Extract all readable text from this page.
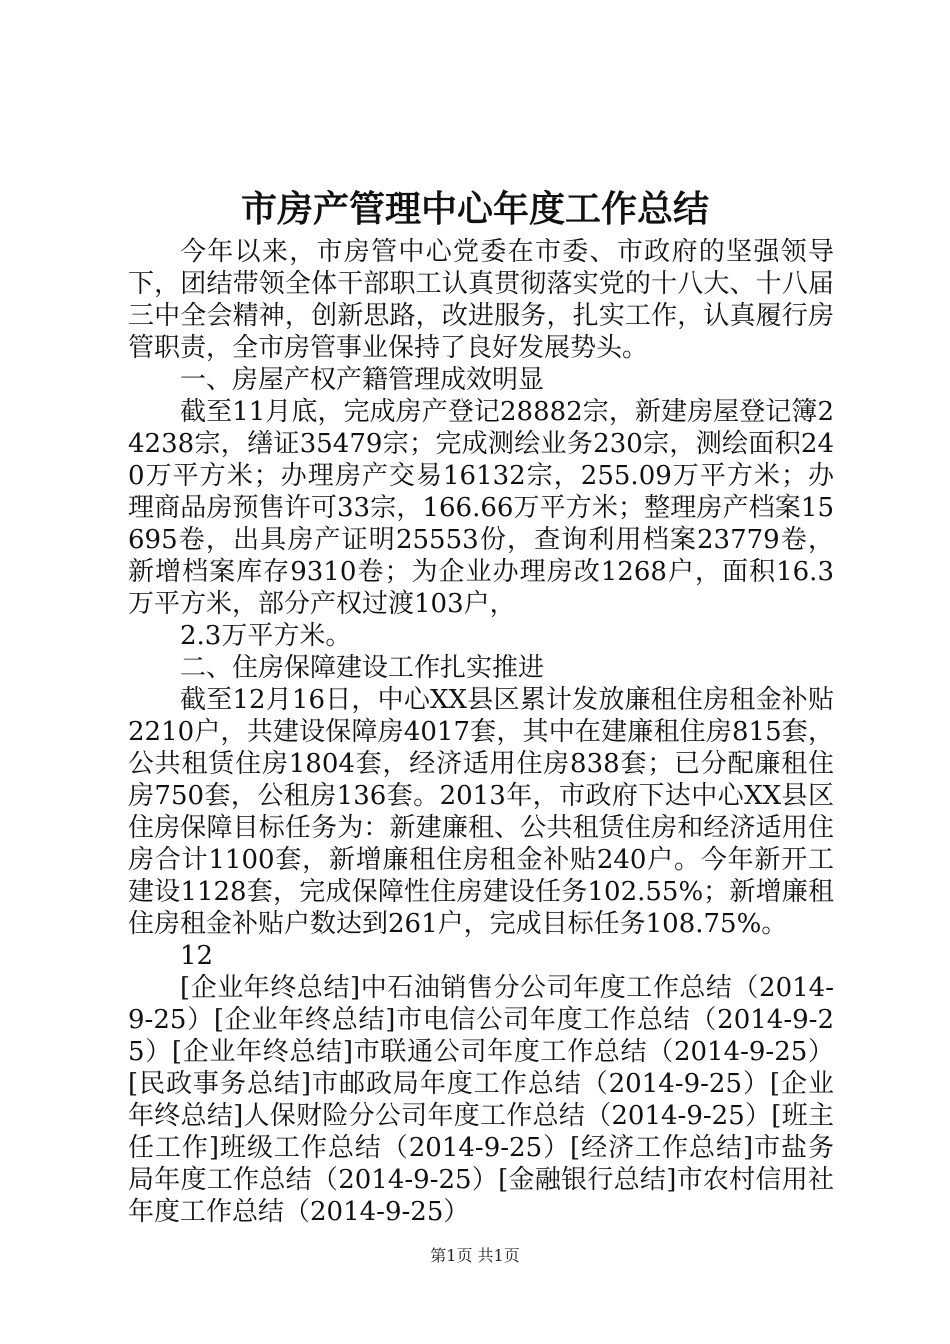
市房产管理中心年度工作总结

今年以来，市房管中心党委在市委、市政府的坚强领导下，团结带领全体干部职工认真贯彻落实党的十八大、十八届三中全会精神，创新思路，改进服务，扎实工作，认真履行房管职责，全市房管事业保持了良好发展势头。

一、房屋产权产籍管理成效明显

截至11月底，完成房产登记28882宗，新建房屋登记簿24238宗，缮证35479宗；完成测绘业务230宗，测绘面积240万平方米；办理房产交易16132宗，255.09万平方米；办理商品房预售许可33宗，166.66万平方米；整理房产档案15695卷，出具房产证明25553份，查询利用档案23779卷，新增档案库存9310卷；为企业办理房改1268户，面积16.3万平方米，部分产权过渡103户，

2.3万平方米。

二、住房保障建设工作扎实推进

截至12月16日，中心XX县区累计发放廉租住房租金补贴2210户，共建设保障房4017套，其中在建廉租住房815套，公共租赁住房1804套，经济适用住房838套；已分配廉租住房750套，公租房136套。2013年，市政府下达中心XX县区住房保障目标任务为：新建廉租、公共租赁住房和经济适用住房合计1100套，新增廉租住房租金补贴240户。今年新开工建设1128套，完成保障性住房建设任务102.55%；新增廉租住房租金补贴户数达到261户，完成目标任务108.75%。

12

[企业年终总结]中石油销售分公司年度工作总结（2014-9-25）[企业年终总结]市电信公司年度工作总结（2014-9-25）[企业年终总结]市联通公司年度工作总结（2014-9-25）[民政事务总结]市邮政局年度工作总结（2014-9-25）[企业年终总结]人保财险分公司年度工作总结（2014-9-25）[班主任工作]班级工作总结（2014-9-25）[经济工作总结]市盐务局年度工作总结（2014-9-25）[金融银行总结]市农村信用社年度工作总结（2014-9-25）

第1页 共1页
